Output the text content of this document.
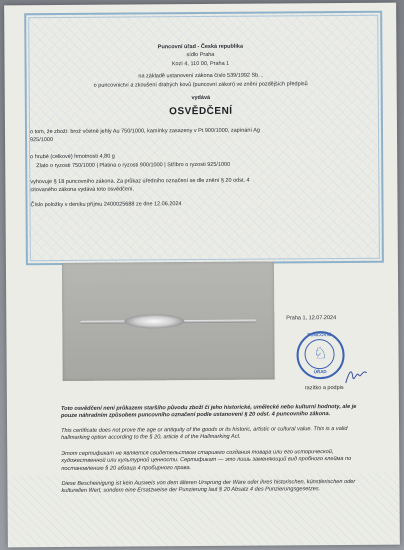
Puncovní úřad - Česká republika
sídlo Praha
Kozí 4, 110 00, Praha 1
na základě ustanovení zákona číslo 539/1992 Sb. ,
o puncovnictví a zkoušení drahých kovů (puncovní zákon) ve znění pozdějších předpisů
vydává
OSVĚDČENÍ
o tom, že zboží: brož včetně jehly Au 750/1000, kamínky zasazeny v Pt 900/1000, zapínání Ag
925/1000
o hrubé (celkové) hmotnosti 4,80 g
Zlato o ryzosti 750/1000 | Platina o ryzosti 900/1000 | Stříbro o ryzosti 925/1000
vyhovuje § 18 puncovního zákona. Za průkaz úředního označení se dle znění § 20 odst. 4
citovaného zákona vydává toto osvědčení.
Číslo položky v deníku příjmu 2400025688 ze dne 12.06.2024
Praha 1, 12.07.2024
PUNCOVNÍ
♘
ÚŘAD
razítko a podpis
Toto osvědčení není průkazem staršího původu zboží či jeho historické, umělecké nebo kulturní hodnoty, ale je pouze náhradním způsobem puncovního označení podle ustanovení § 20 odst. 4 puncovního zákona.
This certificate does not prove the age or antiquity of the goods or its historic, artistic or cultural value. This is a valid hallmarking option according to the § 20, article 4 of the Hallmarking Act.
Этот сертификат не является свидетельством старшего создания товара или его исторической, художественной или культурной ценности. Сертификат — это лишь заменяющий вид пробного клейма по постановлению § 20 абзаца 4 пробирного права.
Diese Bescheinigung ist kein Ausweis von dem älteren Ursprung der Ware oder ihres historischen, künstlerischen oder kulturellen Wert, sondern eine Ersatzweise der Punzierung laut § 20 Absatz 4 des Punzierungsgesetzes.
